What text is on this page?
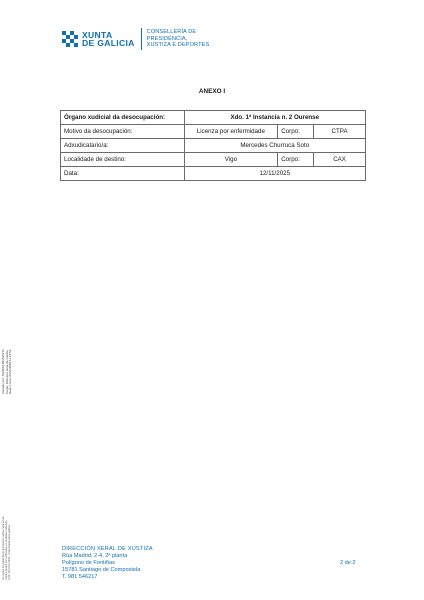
XUNTA
DE GALICIA
CONSELLERÍA DE
PRESIDENCIA,
XUSTIZA E DEPORTES
ANEXO I
Órgano xudicial da desocupación:	Xdo. 1ª Instancia n. 2 Ourense		
Motivo da desocupación:	Licenza por enfermidade	Corpo:	CTPA
Adxudicatario/a:	Mercedes Churruca Soto		
Localidade de destino:	Vigo	Corpo:	CAX
Data:	12/11/2025		
Asinado por: TERESA BOAVISTA Cargo: Directora xeral de xustiza Data e hora: 03/11/2025 11:10:52
As copias en papel deste documento teñen carácter de copia e poden ser verificadas no enderezo indicado. CVE: ahcVzG7n6S1 - https://sede.xunta.gal/cve	DIRECCIÓN XERAL DE XUSTIZA
Rúa Madrid, 2-4, 2ª planta
Polígono de Fontiñas
15781 Santiago de Compostela
T. 981 546217
2 de 2
